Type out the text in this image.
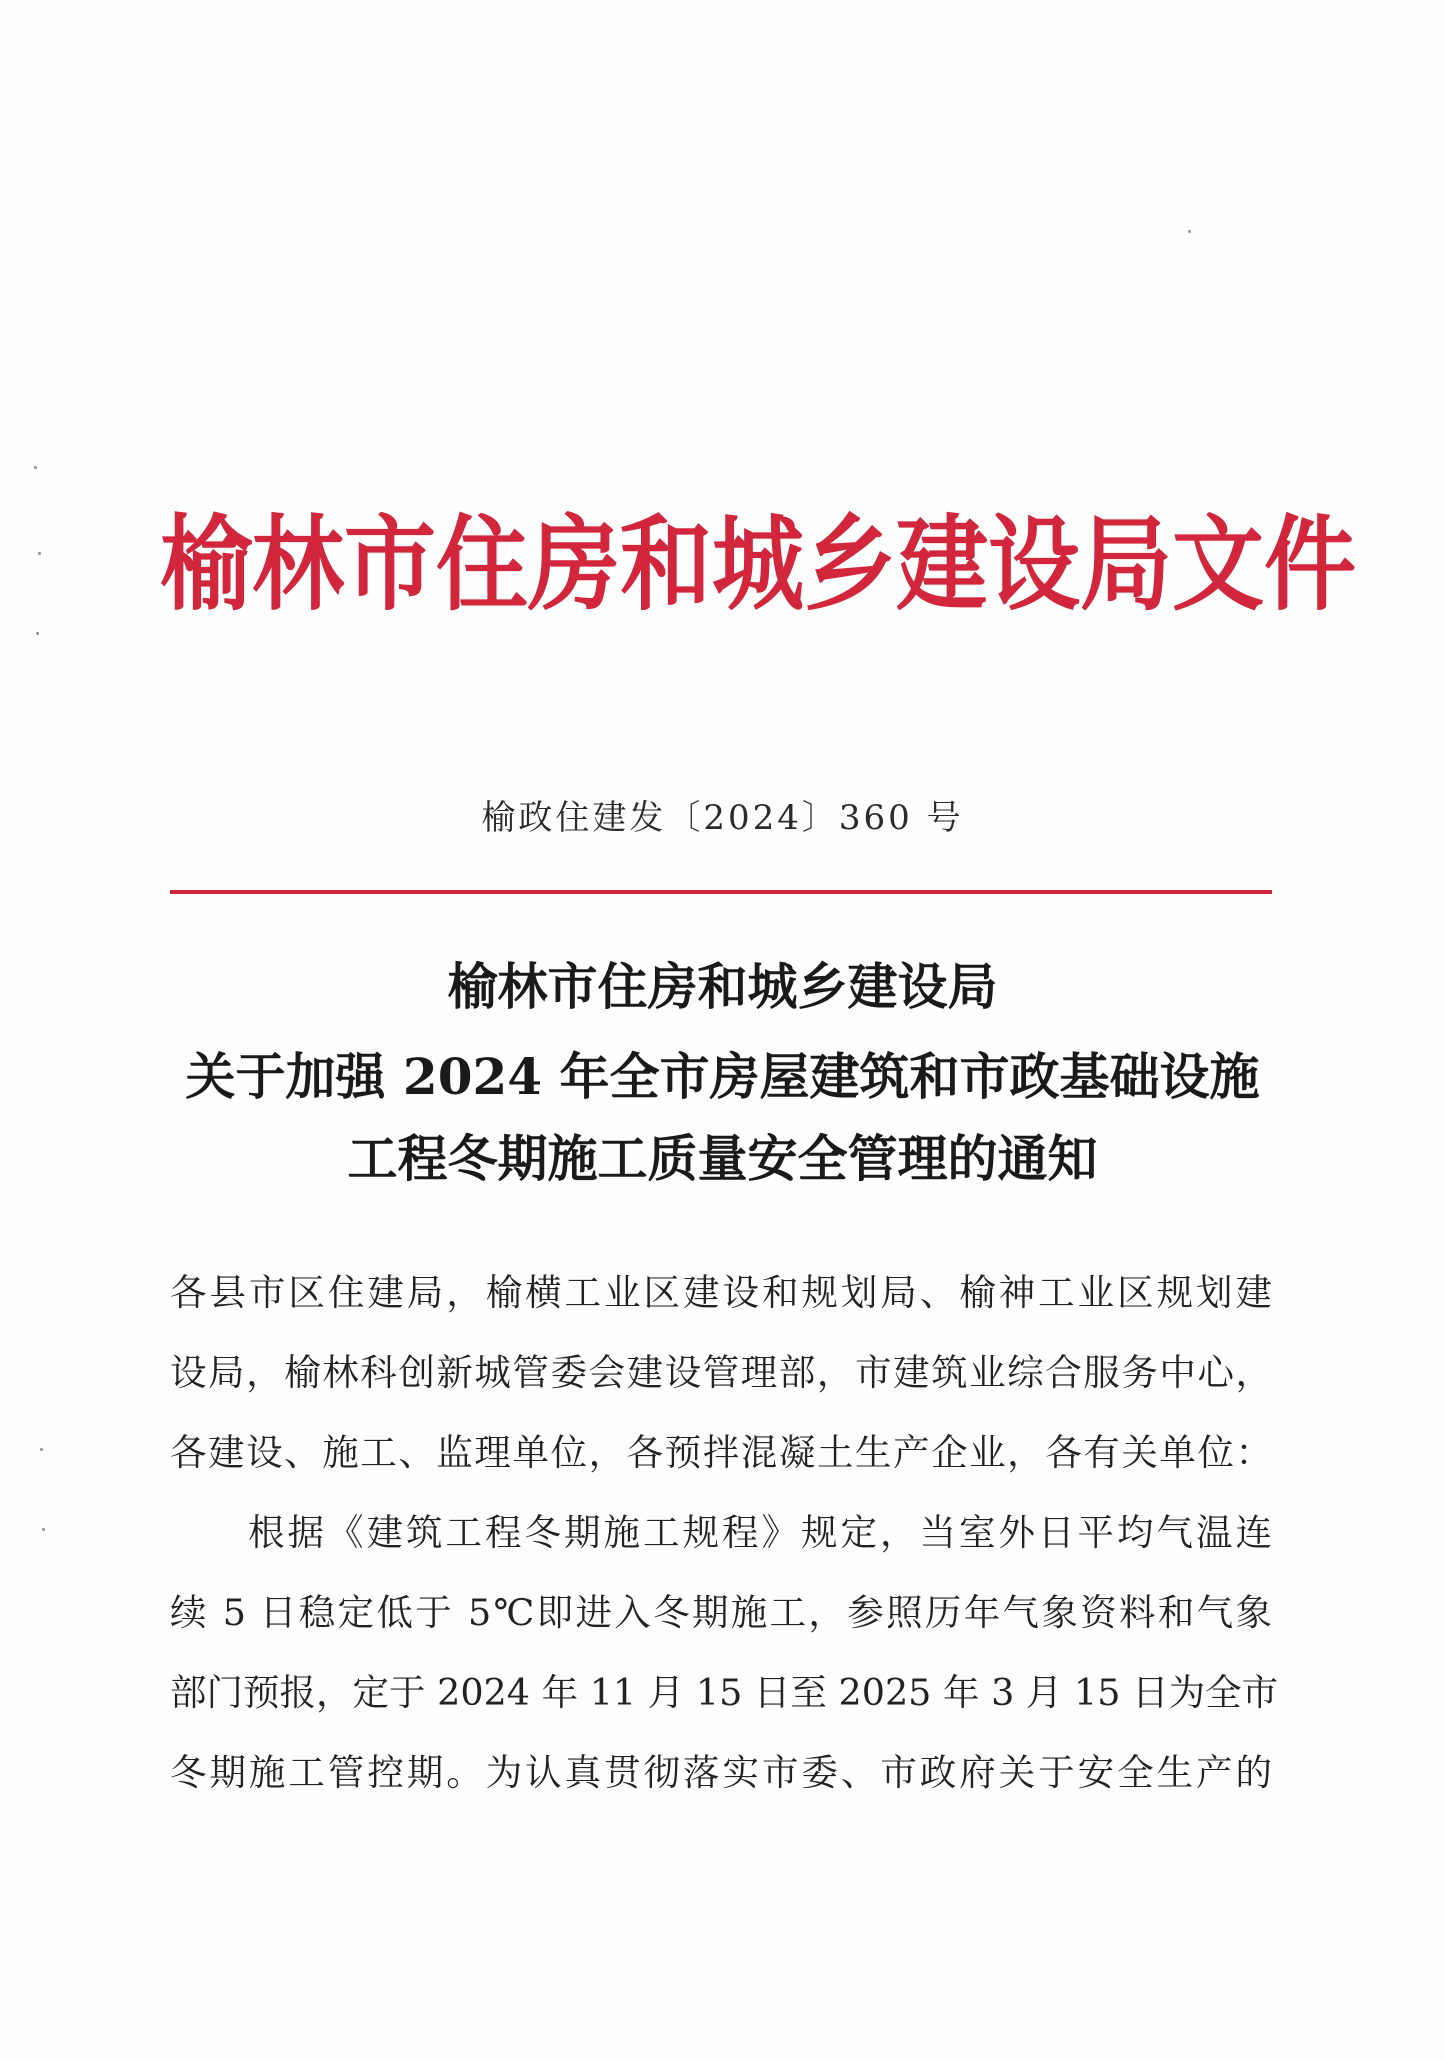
榆林市住房和城乡建设局文件
榆政住建发〔2024〕360 号
榆林市住房和城乡建设局
关于加强 2024 年全市房屋建筑和市政基础设施
工程冬期施工质量安全管理的通知
各县市区住建局，榆横工业区建设和规划局、榆神工业区规划建
设局，榆林科创新城管委会建设管理部，市建筑业综合服务中心，
各建设、施工、监理单位，各预拌混凝土生产企业，各有关单位：
根据《建筑工程冬期施工规程》规定，当室外日平均气温连
续 5 日稳定低于 5℃即进入冬期施工，参照历年气象资料和气象
部门预报，定于 2024 年 11 月 15 日至 2025 年 3 月 15 日为全市
冬期施工管控期。为认真贯彻落实市委、市政府关于安全生产的
